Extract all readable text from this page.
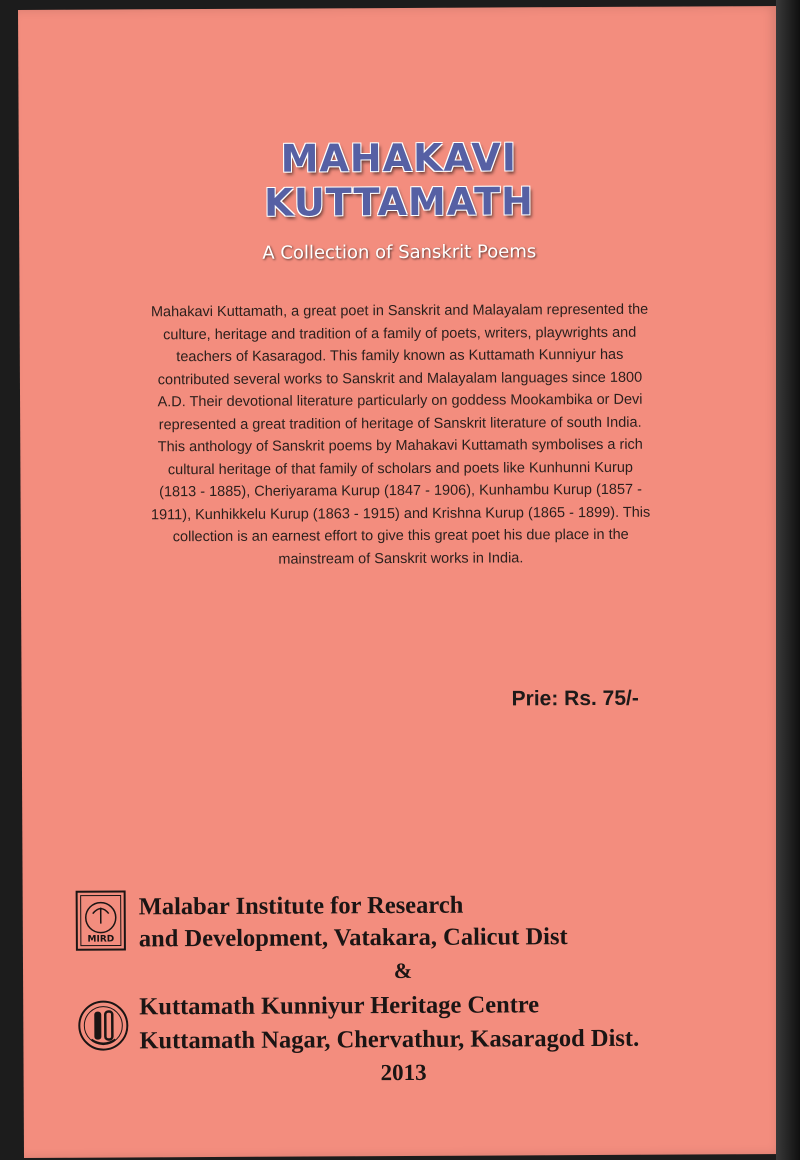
MAHAKAVI
KUTTAMATH

A Collection of Sanskrit Poems

Mahakavi Kuttamath, a great poet in Sanskrit and Malayalam represented the culture, heritage and tradition of a family of poets, writers, playwrights and teachers of Kasaragod. This family known as Kuttamath Kunniyur has contributed several works to Sanskrit and Malayalam languages since 1800 A.D. Their devotional literature particularly on goddess Mookambika or Devi represented a great tradition of heritage of Sanskrit literature of south India. This anthology of Sanskrit poems by Mahakavi Kuttamath symbolises a rich cultural heritage of that family of scholars and poets like Kunhunni Kurup (1813 - 1885), Cheriyarama Kurup (1847 - 1906), Kunhambu Kurup (1857 - 1911), Kunhikkelu Kurup (1863 - 1915) and Krishna Kurup (1865 - 1899). This collection is an earnest effort to give this great poet his due place in the mainstream of Sanskrit works in India.

Prie: Rs. 75/-

MIRD

Malabar Institute for Research

and Development, Vatakara, Calicut Dist

&

Kuttamath Kunniyur Heritage Centre

Kuttamath Nagar, Chervathur, Kasaragod Dist.

2013
